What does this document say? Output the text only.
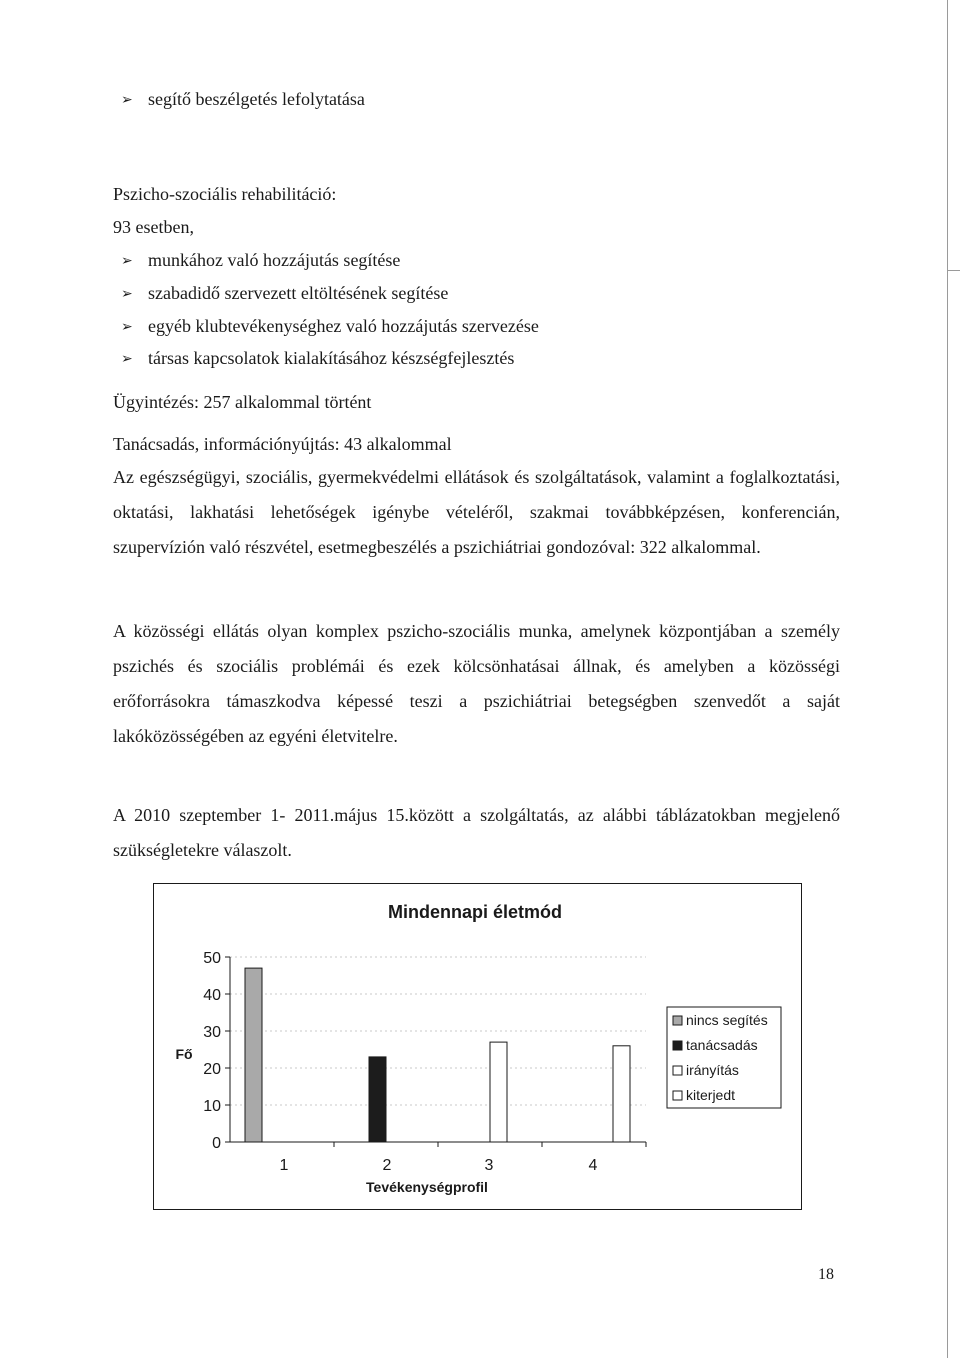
➢ segítő beszélgetés lefolytatása
Pszicho-szociális rehabilitáció:
93 esetben,
➢ munkához való hozzájutás segítése
➢ szabadidő szervezett eltöltésének segítése
➢ egyéb klubtevékenységhez való hozzájutás szervezése
➢ társas kapcsolatok kialakításához készségfejlesztés
Ügyintézés: 257 alkalommal történt
Tanácsadás, információnyújtás: 43 alkalommal
Az egészségügyi, szociális, gyermekvédelmi ellátások és szolgáltatások, valamint a foglalkoztatási, oktatási, lakhatási lehetőségek igénybe vételéről, szakmai továbbképzésen, konferencián, szupervízión való részvétel, esetmegbeszélés a pszichiátriai gondozóval: 322 alkalommal.
A közösségi ellátás olyan komplex pszicho-szociális munka, amelynek központjában a személy pszichés és szociális problémái és ezek kölcsönhatásai állnak, és amelyben a közösségi erőforrásokra támaszkodva képessé teszi a pszichiátriai betegségben szenvedőt a saját lakóközösségében az egyéni életvitelre.
A 2010 szeptember 1- 2011.május 15.között a szolgáltatás, az alábbi táblázatokban megjelenő szükségletekre válaszolt.
Mindennapi életmód
0
10
20
30
40
50
Fő
1	2	3	4
Tevékenységprofil
nincs segítés
tanácsadás
irányítás
kiterjedt
18
